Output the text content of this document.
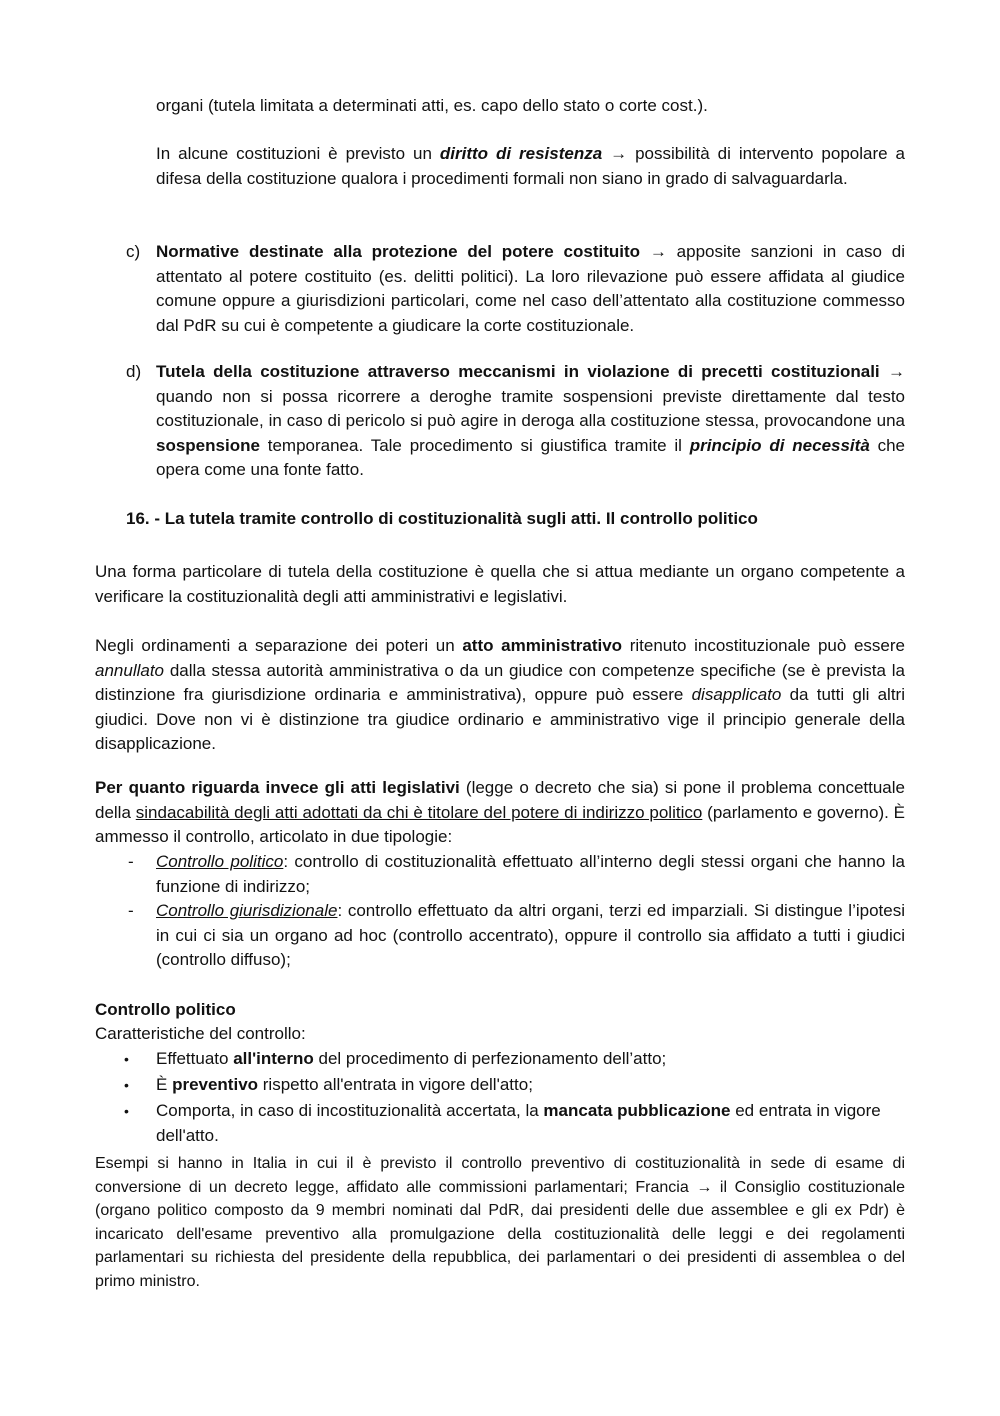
organi (tutela limitata a determinati atti, es. capo dello stato o corte cost.).

In alcune costituzioni è previsto un diritto di resistenza → possibilità di intervento popolare a difesa della costituzione qualora i procedimenti formali non siano in grado di salvaguardarla.

c) Normative destinate alla protezione del potere costituito → apposite sanzioni in caso di attentato al potere costituito (es. delitti politici). La loro rilevazione può essere affidata al giudice comune oppure a giurisdizioni particolari, come nel caso dell’attentato alla costituzione commesso dal PdR su cui è competente a giudicare la corte costituzionale.

d) Tutela della costituzione attraverso meccanismi in violazione di precetti costituzionali → quando non si possa ricorrere a deroghe tramite sospensioni previste direttamente dal testo costituzionale, in caso di pericolo si può agire in deroga alla costituzione stessa, provocandone una sospensione temporanea. Tale procedimento si giustifica tramite il principio di necessità che opera come una fonte fatto.

16. - La tutela tramite controllo di costituzionalità sugli atti. Il controllo politico

Una forma particolare di tutela della costituzione è quella che si attua mediante un organo competente a verificare la costituzionalità degli atti amministrativi e legislativi.

Negli ordinamenti a separazione dei poteri un atto amministrativo ritenuto incostituzionale può essere annullato dalla stessa autorità amministrativa o da un giudice con competenze specifiche (se è prevista la distinzione fra giurisdizione ordinaria e amministrativa), oppure può essere disapplicato da tutti gli altri giudici. Dove non vi è distinzione tra giudice ordinario e amministrativo vige il principio generale della disapplicazione.

Per quanto riguarda invece gli atti legislativi (legge o decreto che sia) si pone il problema concettuale della sindacabilità degli atti adottati da chi è titolare del potere di indirizzo politico (parlamento e governo). È ammesso il controllo, articolato in due tipologie:

- Controllo politico: controllo di costituzionalità effettuato all’interno degli stessi organi che hanno la funzione di indirizzo;

- Controllo giurisdizionale: controllo effettuato da altri organi, terzi ed imparziali. Si distingue l’ipotesi in cui ci sia un organo ad hoc (controllo accentrato), oppure il controllo sia affidato a tutti i giudici (controllo diffuso);

Controllo politico

Caratteristiche del controllo:

• Effettuato all'interno del procedimento di perfezionamento dell’atto;

• È preventivo rispetto all'entrata in vigore dell'atto;

• Comporta, in caso di incostituzionalità accertata, la mancata pubblicazione ed entrata in vigore dell'atto.

Esempi si hanno in Italia in cui il è previsto il controllo preventivo di costituzionalità in sede di esame di conversione di un decreto legge, affidato alle commissioni parlamentari; Francia → il Consiglio costituzionale (organo politico composto da 9 membri nominati dal PdR, dai presidenti delle due assemblee e gli ex Pdr) è incaricato dell'esame preventivo alla promulgazione della costituzionalità delle leggi e dei regolamenti parlamentari su richiesta del presidente della repubblica, dei parlamentari o dei presidenti di assemblea o del primo ministro.
